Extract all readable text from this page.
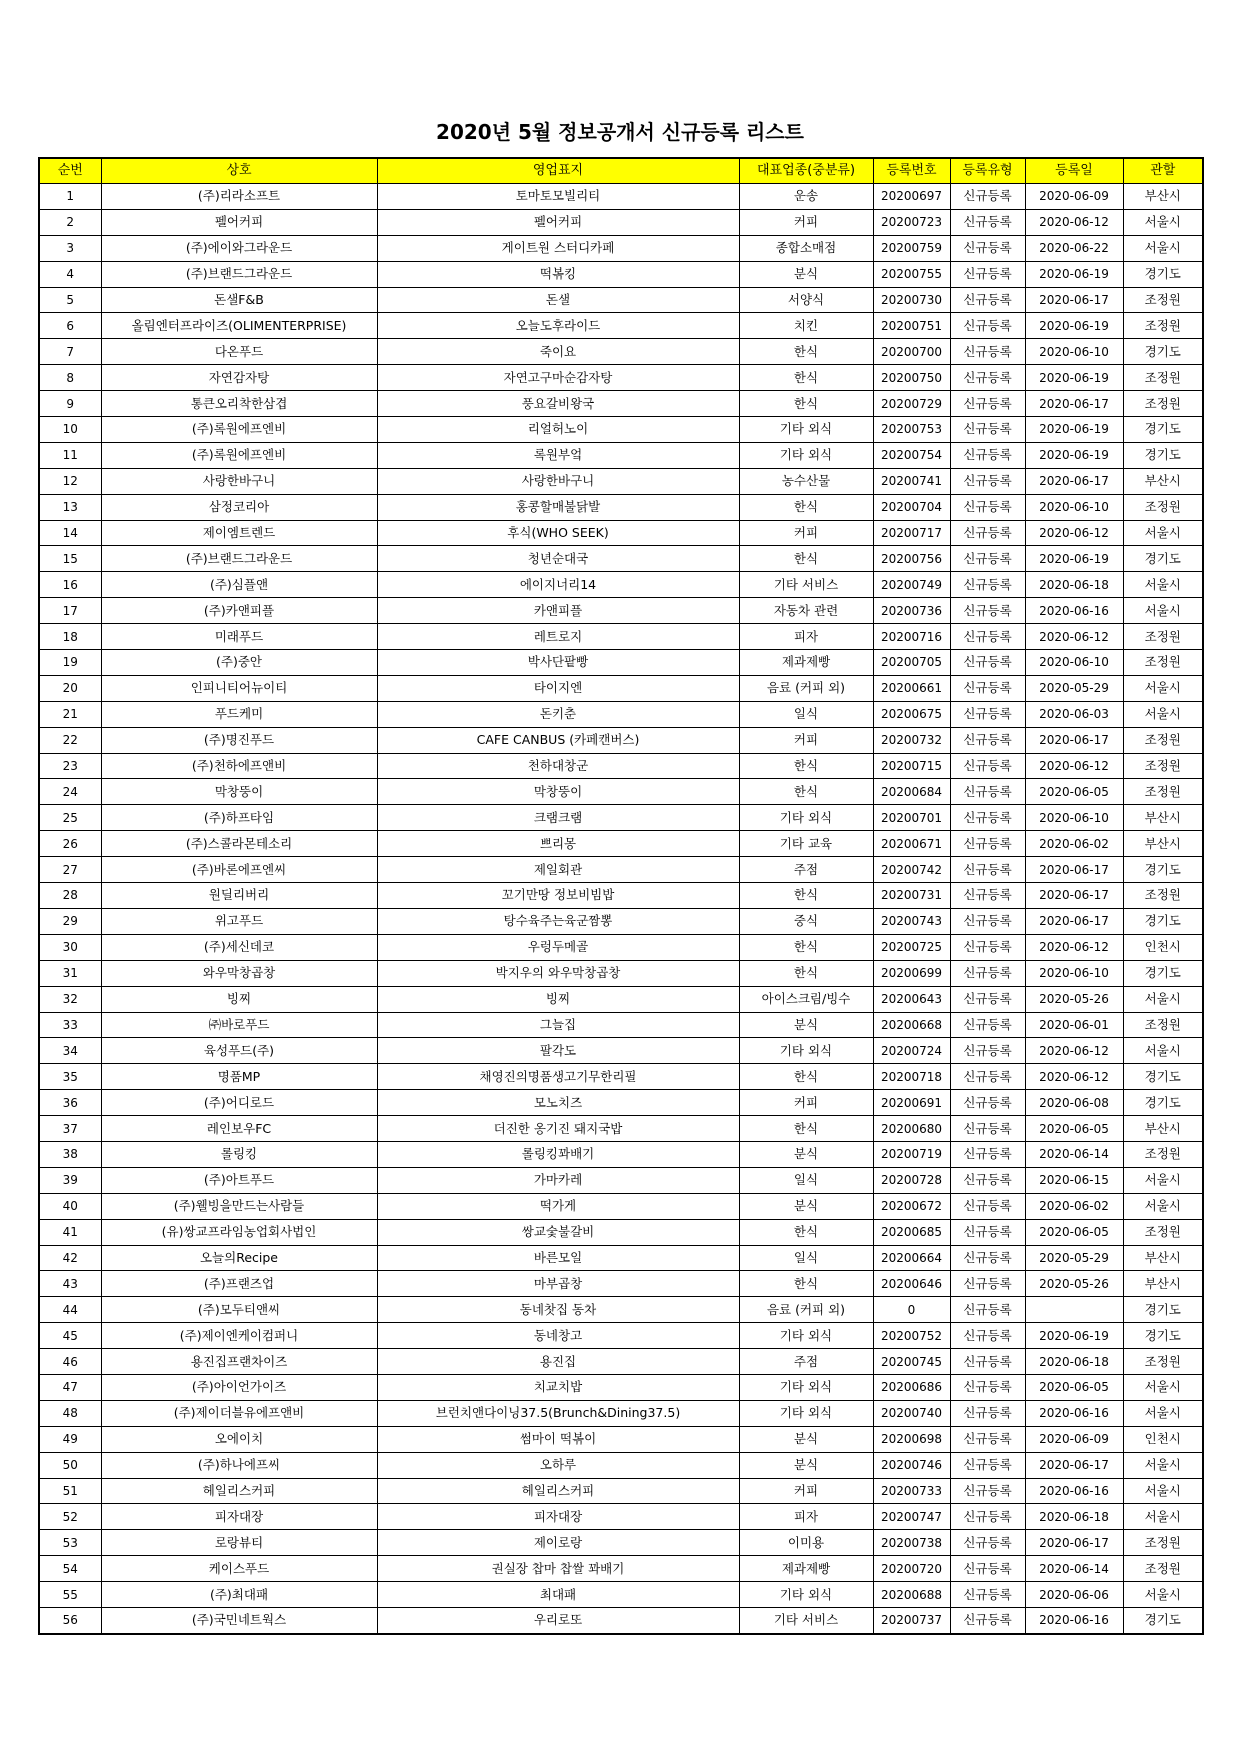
2020년 5월 정보공개서 신규등록 리스트
순번	상호	영업표지	대표업종(중분류)	등록번호	등록유형	등록일	관할
1	(주)리라소프트	토마토모빌리티	운송	20200697	신규등록	2020-06-09	부산시
2	펠어커피	펠어커피	커피	20200723	신규등록	2020-06-12	서울시
3	(주)에이와그라운드	게이트원 스터디카페	종합소매점	20200759	신규등록	2020-06-22	서울시
4	(주)브랜드그라운드	떡볶킹	분식	20200755	신규등록	2020-06-19	경기도
5	돈샐F&B	돈샐	서양식	20200730	신규등록	2020-06-17	조정원
6	올림엔터프라이즈(OLIMENTERPRISE)	오늘도후라이드	치킨	20200751	신규등록	2020-06-19	조정원
7	다온푸드	죽이요	한식	20200700	신규등록	2020-06-10	경기도
8	자연감자탕	자연고구마순감자탕	한식	20200750	신규등록	2020-06-19	조정원
9	통큰오리착한삼겹	풍요갈비왕국	한식	20200729	신규등록	2020-06-17	조정원
10	(주)록원에프엔비	리얼허노이	기타 외식	20200753	신규등록	2020-06-19	경기도
11	(주)록원에프엔비	록원부엌	기타 외식	20200754	신규등록	2020-06-19	경기도
12	사랑한바구니	사랑한바구니	농수산물	20200741	신규등록	2020-06-17	부산시
13	삼정코리아	홍콩할매불닭발	한식	20200704	신규등록	2020-06-10	조정원
14	제이엠트렌드	후식(WHO SEEK)	커피	20200717	신규등록	2020-06-12	서울시
15	(주)브랜드그라운드	청년순대국	한식	20200756	신규등록	2020-06-19	경기도
16	(주)심플앤	에이지너리14	기타 서비스	20200749	신규등록	2020-06-18	서울시
17	(주)카앤피플	카앤피플	자동차 관련	20200736	신규등록	2020-06-16	서울시
18	미래푸드	레트로지	피자	20200716	신규등록	2020-06-12	조정원
19	(주)중안	박사단팥빵	제과제빵	20200705	신규등록	2020-06-10	조정원
20	인피니티어뉴이티	타이지엔	음료 (커피 외)	20200661	신규등록	2020-05-29	서울시
21	푸드케미	돈키춘	일식	20200675	신규등록	2020-06-03	서울시
22	(주)명진푸드	CAFE CANBUS (카페캔버스)	커피	20200732	신규등록	2020-06-17	조정원
23	(주)천하에프앤비	천하대창군	한식	20200715	신규등록	2020-06-12	조정원
24	막창뚱이	막창뚱이	한식	20200684	신규등록	2020-06-05	조정원
25	(주)하프타임	크램크램	기타 외식	20200701	신규등록	2020-06-10	부산시
26	(주)스콜라몬테소리	쁘리몽	기타 교육	20200671	신규등록	2020-06-02	부산시
27	(주)바론에프엔씨	제일회관	주점	20200742	신규등록	2020-06-17	경기도
28	원딜리버리	꼬기만땅 정보비빔밥	한식	20200731	신규등록	2020-06-17	조정원
29	위고푸드	탕수육주는육군짬뽕	중식	20200743	신규등록	2020-06-17	경기도
30	(주)세신데코	우렁두메골	한식	20200725	신규등록	2020-06-12	인천시
31	와우막창곱창	박지우의 와우막창곱창	한식	20200699	신규등록	2020-06-10	경기도
32	빙찌	빙찌	아이스크림/빙수	20200643	신규등록	2020-05-26	서울시
33	㈜바로푸드	그늘집	분식	20200668	신규등록	2020-06-01	조정원
34	육성푸드(주)	팔각도	기타 외식	20200724	신규등록	2020-06-12	서울시
35	명품MP	채영진의명품생고기무한리필	한식	20200718	신규등록	2020-06-12	경기도
36	(주)어디로드	모노치즈	커피	20200691	신규등록	2020-06-08	경기도
37	레인보우FC	더진한 옹기진 돼지국밥	한식	20200680	신규등록	2020-06-05	부산시
38	롤링킹	롤링킹꽈배기	분식	20200719	신규등록	2020-06-14	조정원
39	(주)아트푸드	가마카레	일식	20200728	신규등록	2020-06-15	서울시
40	(주)웰빙을만드는사람들	떡가게	분식	20200672	신규등록	2020-06-02	서울시
41	(유)쌍교프라임농업회사법인	쌍교숯불갈비	한식	20200685	신규등록	2020-06-05	조정원
42	오늘의Recipe	바른모일	일식	20200664	신규등록	2020-05-29	부산시
43	(주)프랜즈업	마부곱창	한식	20200646	신규등록	2020-05-26	부산시
44	(주)모두티앤씨	동네찻집 동차	음료 (커피 외)	0	신규등록		경기도
45	(주)제이엔케이컴퍼니	동네창고	기타 외식	20200752	신규등록	2020-06-19	경기도
46	용진집프랜차이즈	용진집	주점	20200745	신규등록	2020-06-18	조정원
47	(주)아이언가이즈	치교치밥	기타 외식	20200686	신규등록	2020-06-05	서울시
48	(주)제이더블유에프앤비	브런치앤다이닝37.5(Brunch&Dining37.5)	기타 외식	20200740	신규등록	2020-06-16	서울시
49	오에이치	썸마이 떡볶이	분식	20200698	신규등록	2020-06-09	인천시
50	(주)하나에프씨	오하루	분식	20200746	신규등록	2020-06-17	서울시
51	헤일리스커피	헤일리스커피	커피	20200733	신규등록	2020-06-16	서울시
52	피자대장	피자대장	피자	20200747	신규등록	2020-06-18	서울시
53	로랑뷰티	제이로랑	이미용	20200738	신규등록	2020-06-17	조정원
54	케이스푸드	권실장 찹마 찹쌀 꽈배기	제과제빵	20200720	신규등록	2020-06-14	조정원
55	(주)최대패	최대패	기타 외식	20200688	신규등록	2020-06-06	서울시
56	(주)국민네트웍스	우리로또	기타 서비스	20200737	신규등록	2020-06-16	경기도
